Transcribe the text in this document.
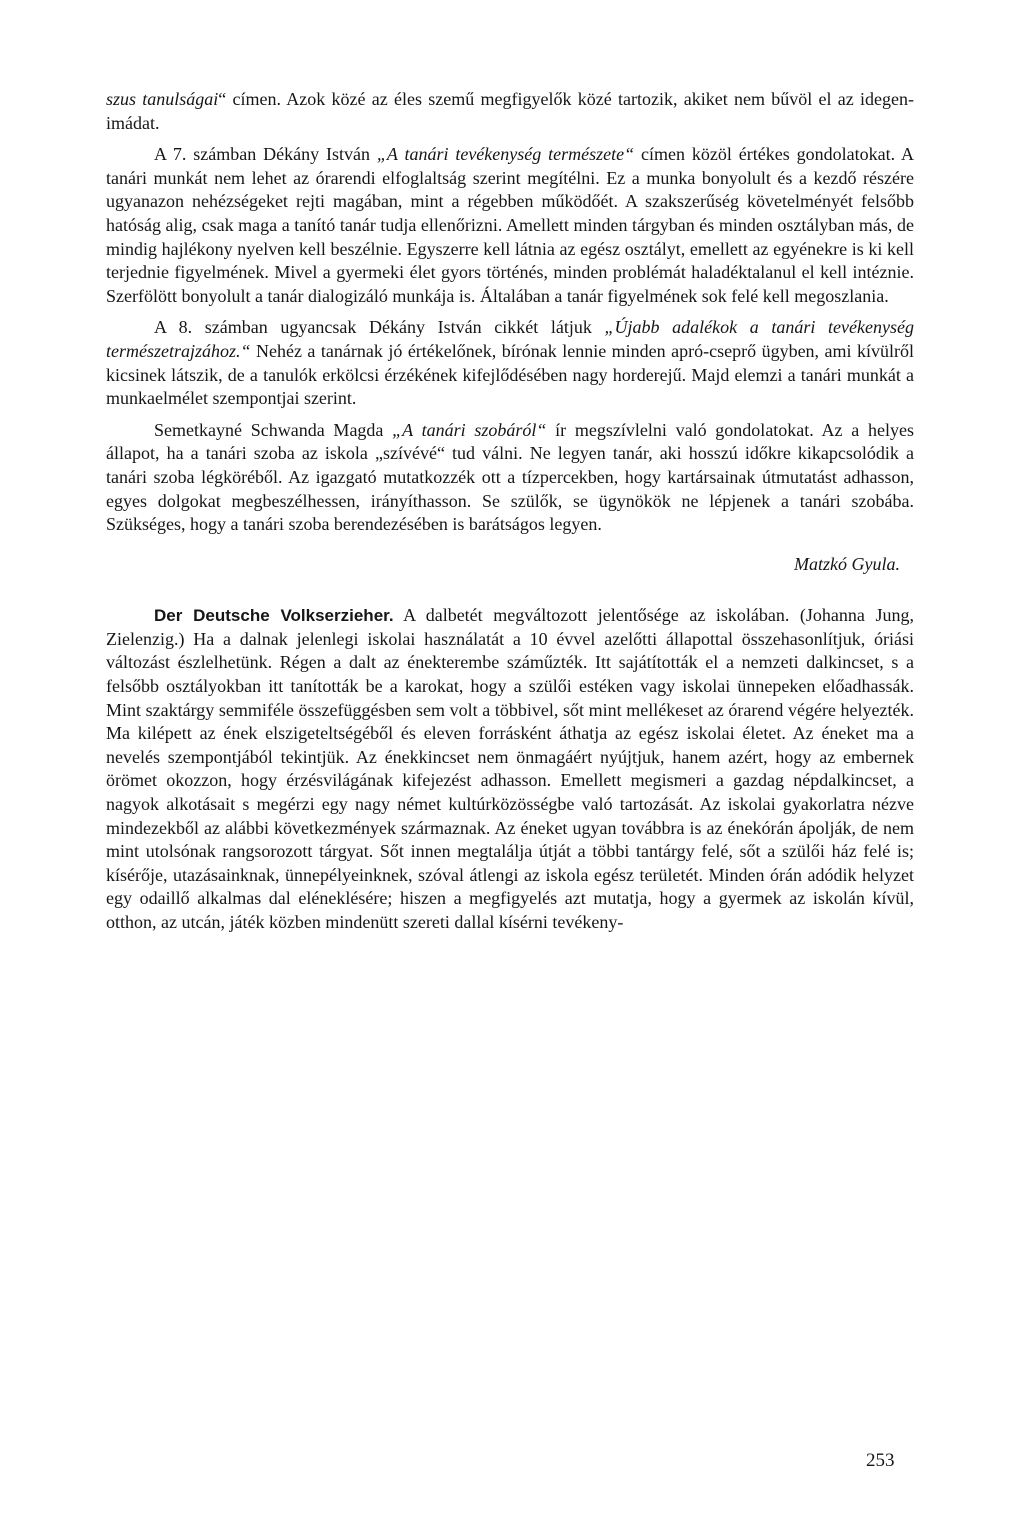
szus tanulságai“ címen. Azok közé az éles szemű megfigyelők közé tartozik, akiket nem bűvöl el az idegen-imádat.

A 7. számban Dékány István „A tanári tevékenység természete“ címen közöl értékes gondolatokat. A tanári munkát nem lehet az órarendi elfoglaltság szerint megítélni. Ez a munka bonyolult és a kezdő részére ugyanazon nehézségeket rejti magában, mint a régebben működőét. A szakszerűség követelményét felsőbb hatóság alig, csak maga a tanító tanár tudja ellenőrizni. Amellett minden tárgyban és minden osztályban más, de mindig hajlékony nyelven kell beszélnie. Egyszerre kell látnia az egész osztályt, emellett az egyénekre is ki kell terjednie figyelmének. Mivel a gyermeki élet gyors történés, minden problémát haladéktalanul el kell intéznie. Szerfölött bonyolult a tanár dialogizáló munkája is. Általában a tanár figyelmének sok felé kell megoszlania.

A 8. számban ugyancsak Dékány István cikkét látjuk „Újabb adalékok a tanári tevékenység természetrajzához.“ Nehéz a tanárnak jó értékelőnek, bírónak lennie minden apró-cseprő ügyben, ami kívülről kicsinek látszik, de a tanulók erkölcsi érzékének kifejlődésében nagy horderejű. Majd elemzi a tanári munkát a munkaelmélet szempontjai szerint.

Semetkayné Schwanda Magda „A tanári szobáról“ ír megszívlelni való gondolatokat. Az a helyes állapot, ha a tanári szoba az iskola „szívévé“ tud válni. Ne legyen tanár, aki hosszú időkre kikapcsolódik a tanári szoba légköréből. Az igazgató mutatkozzék ott a tízpercekben, hogy kartársainak útmutatást adhasson, egyes dolgokat megbeszélhessen, irányíthasson. Se szülők, se ügynökök ne lépjenek a tanári szobába. Szükséges, hogy a tanári szoba berendezésében is barátságos legyen.

Matzkó Gyula.

Der Deutsche Volkserzieher. A dalbetét megváltozott jelentősége az iskolában. (Johanna Jung, Zielenzig.) Ha a dalnak jelenlegi iskolai használatát a 10 évvel azelőtti állapottal összehasonlítjuk, óriási változást észlelhetünk. Régen a dalt az énekterembe száműzték. Itt sajátították el a nemzeti dalkincset, s a felsőbb osztályokban itt tanították be a karokat, hogy a szülői estéken vagy iskolai ünnepeken előadhassák. Mint szaktárgy semmiféle összefüggésben sem volt a többivel, sőt mint mellékeset az órarend végére helyezték. Ma kilépett az ének elszigeteltségéből és eleven forrásként áthatja az egész iskolai életet. Az éneket ma a nevelés szempontjából tekintjük. Az énekkincset nem önmagáért nyújtjuk, hanem azért, hogy az embernek örömet okozzon, hogy érzésvilágának kifejezést adhasson. Emellett megismeri a gazdag népdalkincset, a nagyok alkotásait s megérzi egy nagy német kultúrközösségbe való tartozását. Az iskolai gyakorlatra nézve mindezekből az alábbi következmények származnak. Az éneket ugyan továbbra is az énekórán ápolják, de nem mint utolsónak rangsorozott tárgyat. Sőt innen megtalálja útját a többi tantárgy felé, sőt a szülői ház felé is; kísérője, utazásainknak, ünnepélyeinknek, szóval átlengi az iskola egész területét. Minden órán adódik helyzet egy odaillő alkalmas dal eléneklésére; hiszen a megfigyelés azt mutatja, hogy a gyermek az iskolán kívül, otthon, az utcán, játék közben mindenütt szereti dallal kísérni tevékeny-

253
